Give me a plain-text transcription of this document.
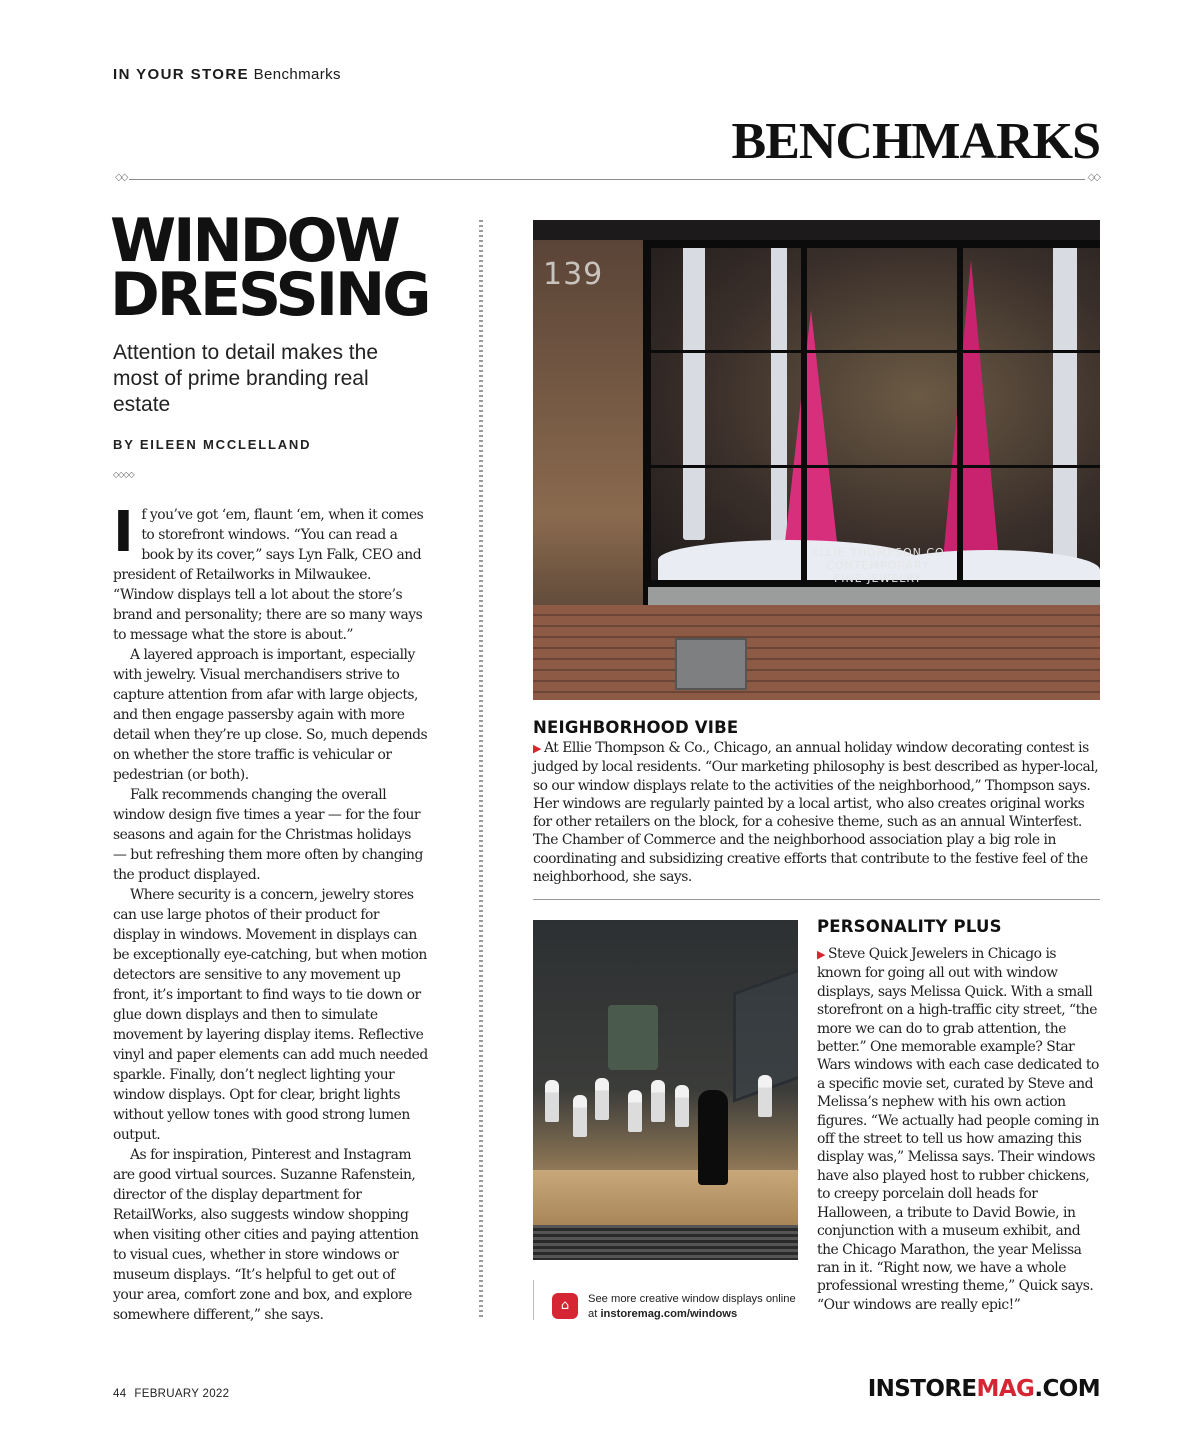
IN YOUR STORE Benchmarks
BENCHMARKS
◇◇	◇◇
WINDOW
DRESSING
Attention to detail makes the most of prime branding real estate
BY EILEEN MCCLELLAND
◇◇◇◇

If you’ve got ‘em, flaunt ‘em, when it comes to storefront windows. “You can read a book by its cover,” says Lyn Falk, CEO and president of Retailworks in Milwaukee. “Window displays tell a lot about the store’s brand and personality; there are so many ways to message what the store is about.”

A layered approach is important, especially with jewelry. Visual merchandisers strive to capture attention from afar with large objects, and then engage passersby again with more detail when they’re up close. So, much depends on whether the store traffic is vehicular or pedestrian (or both).

Falk recommends changing the overall window design five times a year — for the four seasons and again for the Christmas holidays — but refreshing them more often by changing the product displayed.

Where security is a concern, jewelry stores can use large photos of their product for display in windows. Movement in displays can be exceptionally eye-catching, but when motion detectors are sensitive to any movement up front, it’s important to find ways to tie down or glue down displays and then to simulate movement by layering display items. Reflective vinyl and paper elements can add much needed sparkle. Finally, don’t neglect lighting your window displays. Opt for clear, bright lights without yellow tones with good strong lumen output.

As for inspiration, Pinterest and Instagram are good virtual sources. Suzanne Rafenstein, director of the display department for RetailWorks, also suggests window shopping when visiting other cities and paying attention to visual cues, whether in store windows or museum displays. “It’s helpful to get out of your area, comfort zone and box, and explore somewhere different,” she says.

ELLIE THOMPSON CO
CONTEMPORARY
FINE JEWELRY
139
NEIGHBORHOOD VIBE
▶ At Ellie Thompson & Co., Chicago, an annual holiday window decorating contest is judged by local residents. “Our marketing philosophy is best described as hyper-local, so our window displays relate to the activities of the neighborhood,” Thompson says. Her windows are regularly painted by a local artist, who also creates original works for other retailers on the block, for a cohesive theme, such as an annual Winterfest. The Chamber of Commerce and the neighborhood association play a big role in coordinating and subsidizing creative efforts that contribute to the festive feel of the neighborhood, she says.
⌂	See more creative window displays online
at instoremag.com/windows
PERSONALITY PLUS
▶ Steve Quick Jewelers in Chicago is known for going all out with window displays, says Melissa Quick. With a small storefront on a high-traffic city street, “the more we can do to grab attention, the better.” One memorable example? Star Wars windows with each case dedicated to a specific movie set, curated by Steve and Melissa’s nephew with his own action figures. “We actually had people coming in off the street to tell us how amazing this display was,” Melissa says. Their windows have also played host to rubber chickens, to creepy porcelain doll heads for Halloween, a tribute to David Bowie, in conjunction with a museum exhibit, and the Chicago Marathon, the year Melissa ran in it. “Right now, we have a whole professional wresting theme,” Quick says. “Our windows are really epic!”
44 FEBRUARY 2022	INSTOREMAG.COM
